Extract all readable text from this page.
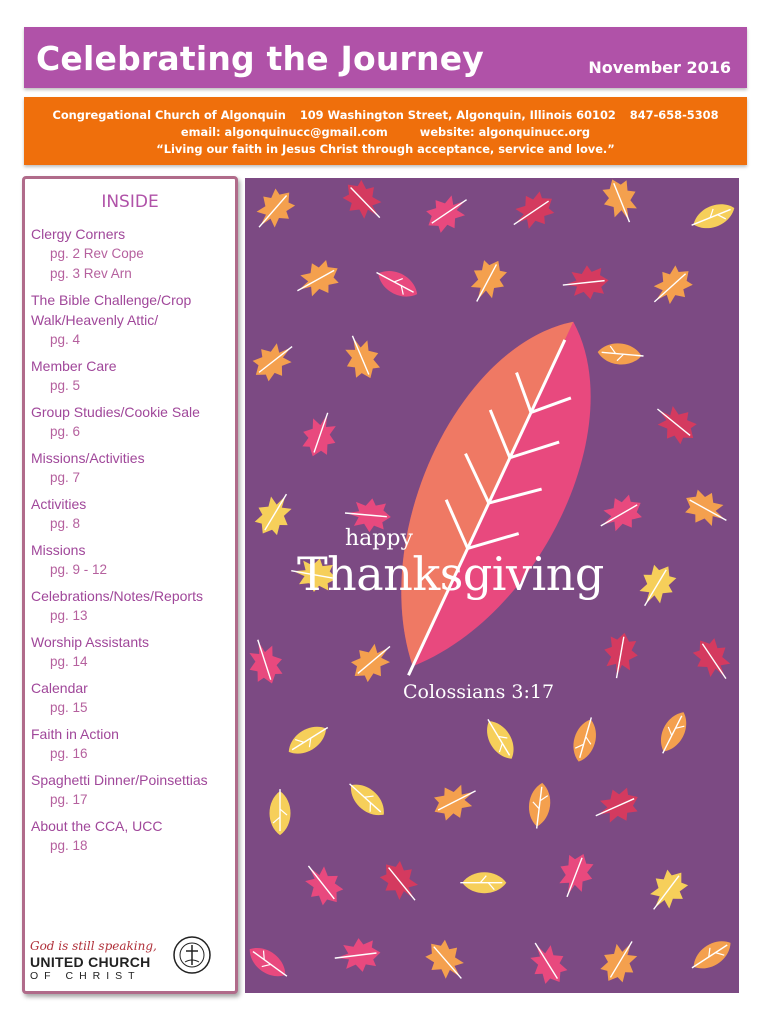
Celebrating the Journey	November 2016
Congregational Church of Algonquin 109 Washington Street, Algonquin, Illinois 60102 847-658-5308
email: algonquinucc@gmail.com	website: algonquinucc.org
“Living our faith in Jesus Christ through acceptance, service and love.”
INSIDE
Clergy Corners
pg. 2 Rev Cope
pg. 3 Rev Arn
The Bible Challenge/Crop Walk/Heavenly Attic/
pg. 4
Member Care
pg. 5
Group Studies/Cookie Sale
pg. 6
Missions/Activities
pg. 7
Activities
pg. 8
Missions
pg. 9 - 12
Celebrations/Notes/Reports
pg. 13
Worship Assistants
pg. 14
Calendar
pg. 15
Faith in Action
pg. 16
Spaghetti Dinner/Poinsettias
pg. 17
About the CCA, UCC
pg. 18
God is still speaking,
UNITED CHURCH
OF CHRIST
happy
Thanksgiving
Colossians 3:17
